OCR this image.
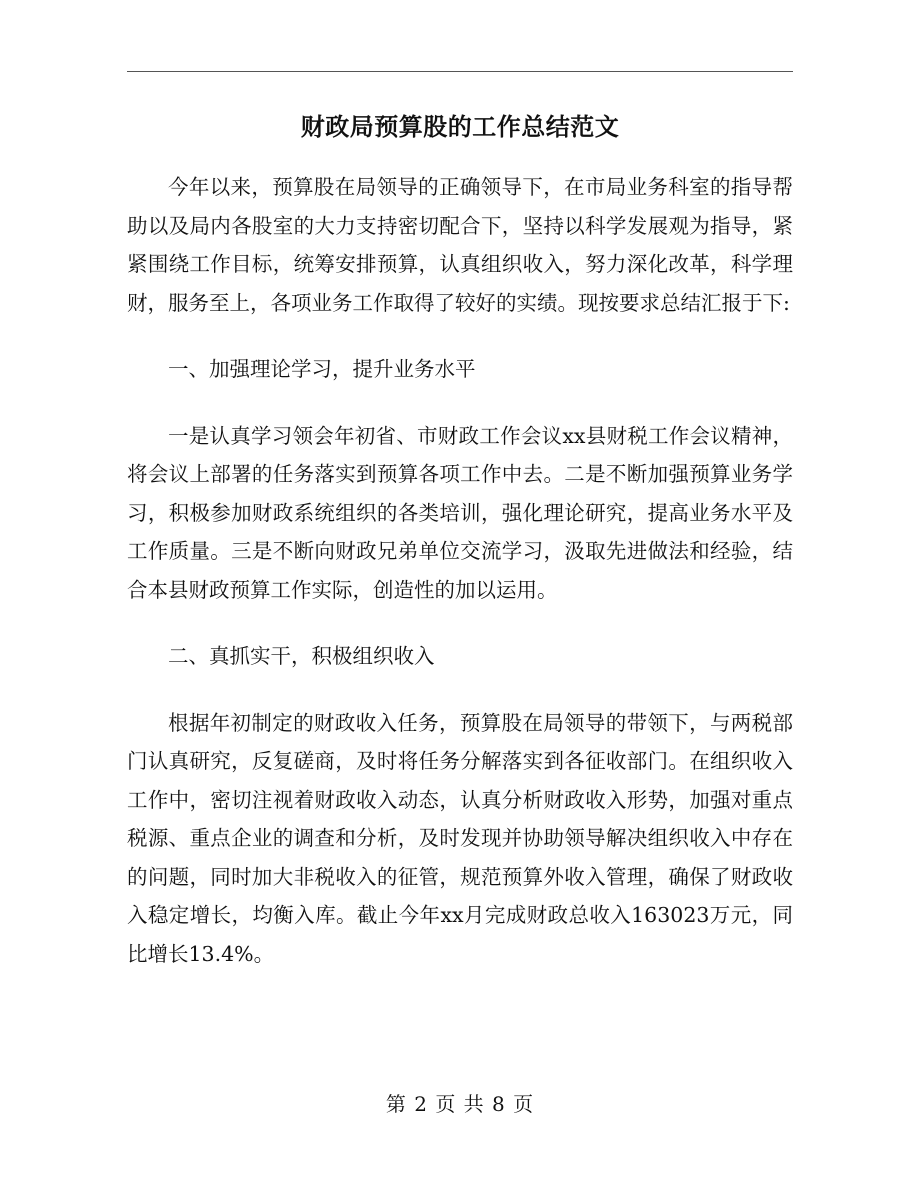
财政局预算股的工作总结范文

今年以来，预算股在局领导的正确领导下，在市局业务科室的指导帮助以及局内各股室的大力支持密切配合下，坚持以科学发展观为指导，紧紧围绕工作目标，统筹安排预算，认真组织收入，努力深化改革，科学理财，服务至上，各项业务工作取得了较好的实绩。现按要求总结汇报于下:

一、加强理论学习，提升业务水平

一是认真学习领会年初省、市财政工作会议xx县财税工作会议精神，将会议上部署的任务落实到预算各项工作中去。二是不断加强预算业务学习，积极参加财政系统组织的各类培训，强化理论研究，提高业务水平及工作质量。三是不断向财政兄弟单位交流学习，汲取先进做法和经验，结合本县财政预算工作实际，创造性的加以运用。

二、真抓实干，积极组织收入

根据年初制定的财政收入任务，预算股在局领导的带领下，与两税部门认真研究，反复磋商，及时将任务分解落实到各征收部门。在组织收入工作中，密切注视着财政收入动态，认真分析财政收入形势，加强对重点税源、重点企业的调查和分析，及时发现并协助领导解决组织收入中存在的问题，同时加大非税收入的征管，规范预算外收入管理，确保了财政收入稳定增长，均衡入库。截止今年xx月完成财政总收入163023万元，同比增长13.4%。

第 2 页 共 8 页
